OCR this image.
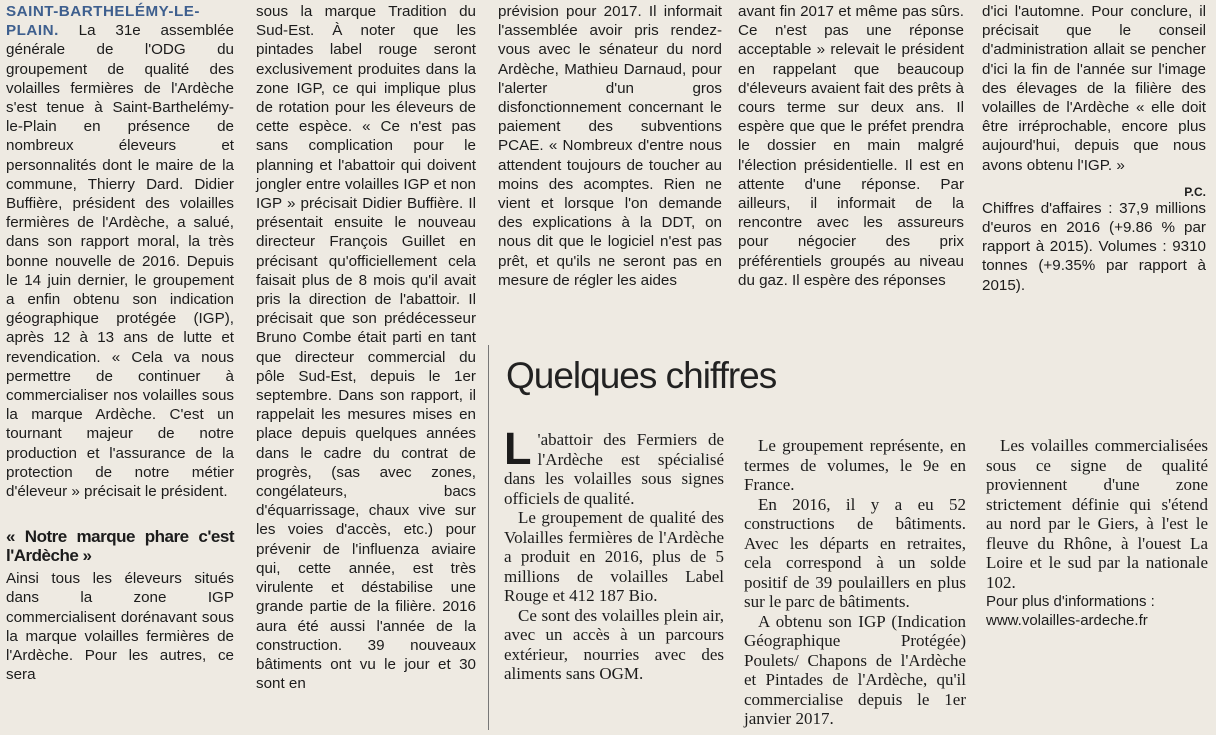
SAINT-BARTHELÉMY-LE-PLAIN. La 31e assemblée générale de l'ODG du groupement de qualité des volailles fermières de l'Ardèche s'est tenue à Saint-Barthelémy-le-Plain en présence de nombreux éleveurs et personnalités dont le maire de la commune, Thierry Dard. Didier Buffière, président des volailles fermières de l'Ardèche, a salué, dans son rapport moral, la très bonne nouvelle de 2016. Depuis le 14 juin dernier, le groupement a enfin obtenu son indication géographique protégée (IGP), après 12 à 13 ans de lutte et revendication. « Cela va nous permettre de continuer à commercialiser nos volailles sous la marque Ardèche. C'est un tournant majeur de notre production et l'assurance de la protection de notre métier d'éleveur » précisait le président.

« Notre marque phare c'est l'Ardèche »

Ainsi tous les éleveurs situés dans la zone IGP commercialisent dorénavant sous la marque volailles fermières de l'Ardèche. Pour les autres, ce sera

sous la marque Tradition du Sud-Est. À noter que les pintades label rouge seront exclusivement produites dans la zone IGP, ce qui implique plus de rotation pour les éleveurs de cette espèce. « Ce n'est pas sans complication pour le planning et l'abattoir qui doivent jongler entre volailles IGP et non IGP » précisait Didier Buffière. Il présentait ensuite le nouveau directeur François Guillet en précisant qu'officiellement cela faisait plus de 8 mois qu'il avait pris la direction de l'abattoir. Il précisait que son prédécesseur Bruno Combe était parti en tant que directeur commercial du pôle Sud-Est, depuis le 1er septembre. Dans son rapport, il rappelait les mesures mises en place depuis quelques années dans le cadre du contrat de progrès, (sas avec zones, congélateurs, bacs d'équarrissage, chaux vive sur les voies d'accès, etc.) pour prévenir de l'influenza aviaire qui, cette année, est très virulente et déstabilise une grande partie de la filière. 2016 aura été aussi l'année de la construction. 39 nouveaux bâtiments ont vu le jour et 30 sont en

prévision pour 2017. Il informait l'assemblée avoir pris rendez-vous avec le sénateur du nord Ardèche, Mathieu Darnaud, pour l'alerter d'un gros disfonctionnement concernant le paiement des subventions PCAE. « Nombreux d'entre nous attendent toujours de toucher au moins des acomptes. Rien ne vient et lorsque l'on demande des explications à la DDT, on nous dit que le logiciel n'est pas prêt, et qu'ils ne seront pas en mesure de régler les aides

avant fin 2017 et même pas sûrs. Ce n'est pas une réponse acceptable » relevait le président en rappelant que beaucoup d'éleveurs avaient fait des prêts à cours terme sur deux ans. Il espère que que le préfet prendra le dossier en main malgré l'élection présidentielle. Il est en attente d'une réponse. Par ailleurs, il informait de la rencontre avec les assureurs pour négocier des prix préférentiels groupés au niveau du gaz. Il espère des réponses

d'ici l'automne. Pour conclure, il précisait que le conseil d'administration allait se pencher d'ici la fin de l'année sur l'image des élevages de la filière des volailles de l'Ardèche « elle doit être irréprochable, encore plus aujourd'hui, depuis que nous avons obtenu l'IGP. »

P.C.

Chiffres d'affaires : 37,9 millions d'euros en 2016 (+9.86 % par rapport à 2015). Volumes : 9310 tonnes (+9.35% par rapport à 2015).

Quelques chiffres

L 'abattoir des Fermiers de l'Ardèche est spécialisé dans les volailles sous signes officiels de qualité.

Le groupement de qualité des Volailles fermières de l'Ardèche a produit en 2016, plus de 5 millions de volailles Label Rouge et 412 187 Bio.

Ce sont des volailles plein air, avec un accès à un parcours extérieur, nourries avec des aliments sans OGM.

Le groupement représente, en termes de volumes, le 9e en France.

En 2016, il y a eu 52 constructions de bâtiments. Avec les départs en retraites, cela correspond à un solde positif de 39 poulaillers en plus sur le parc de bâtiments.

A obtenu son IGP (Indication Géographique Protégée) Poulets/ Chapons de l'Ardèche et Pintades de l'Ardèche, qu'il commercialise depuis le 1er janvier 2017.

Les volailles commercialisées sous ce signe de qualité proviennent d'une zone strictement définie qui s'étend au nord par le Giers, à l'est le fleuve du Rhône, à l'ouest La Loire et le sud par la nationale 102.

Pour plus d'informations : www.volailles-ardeche.fr
